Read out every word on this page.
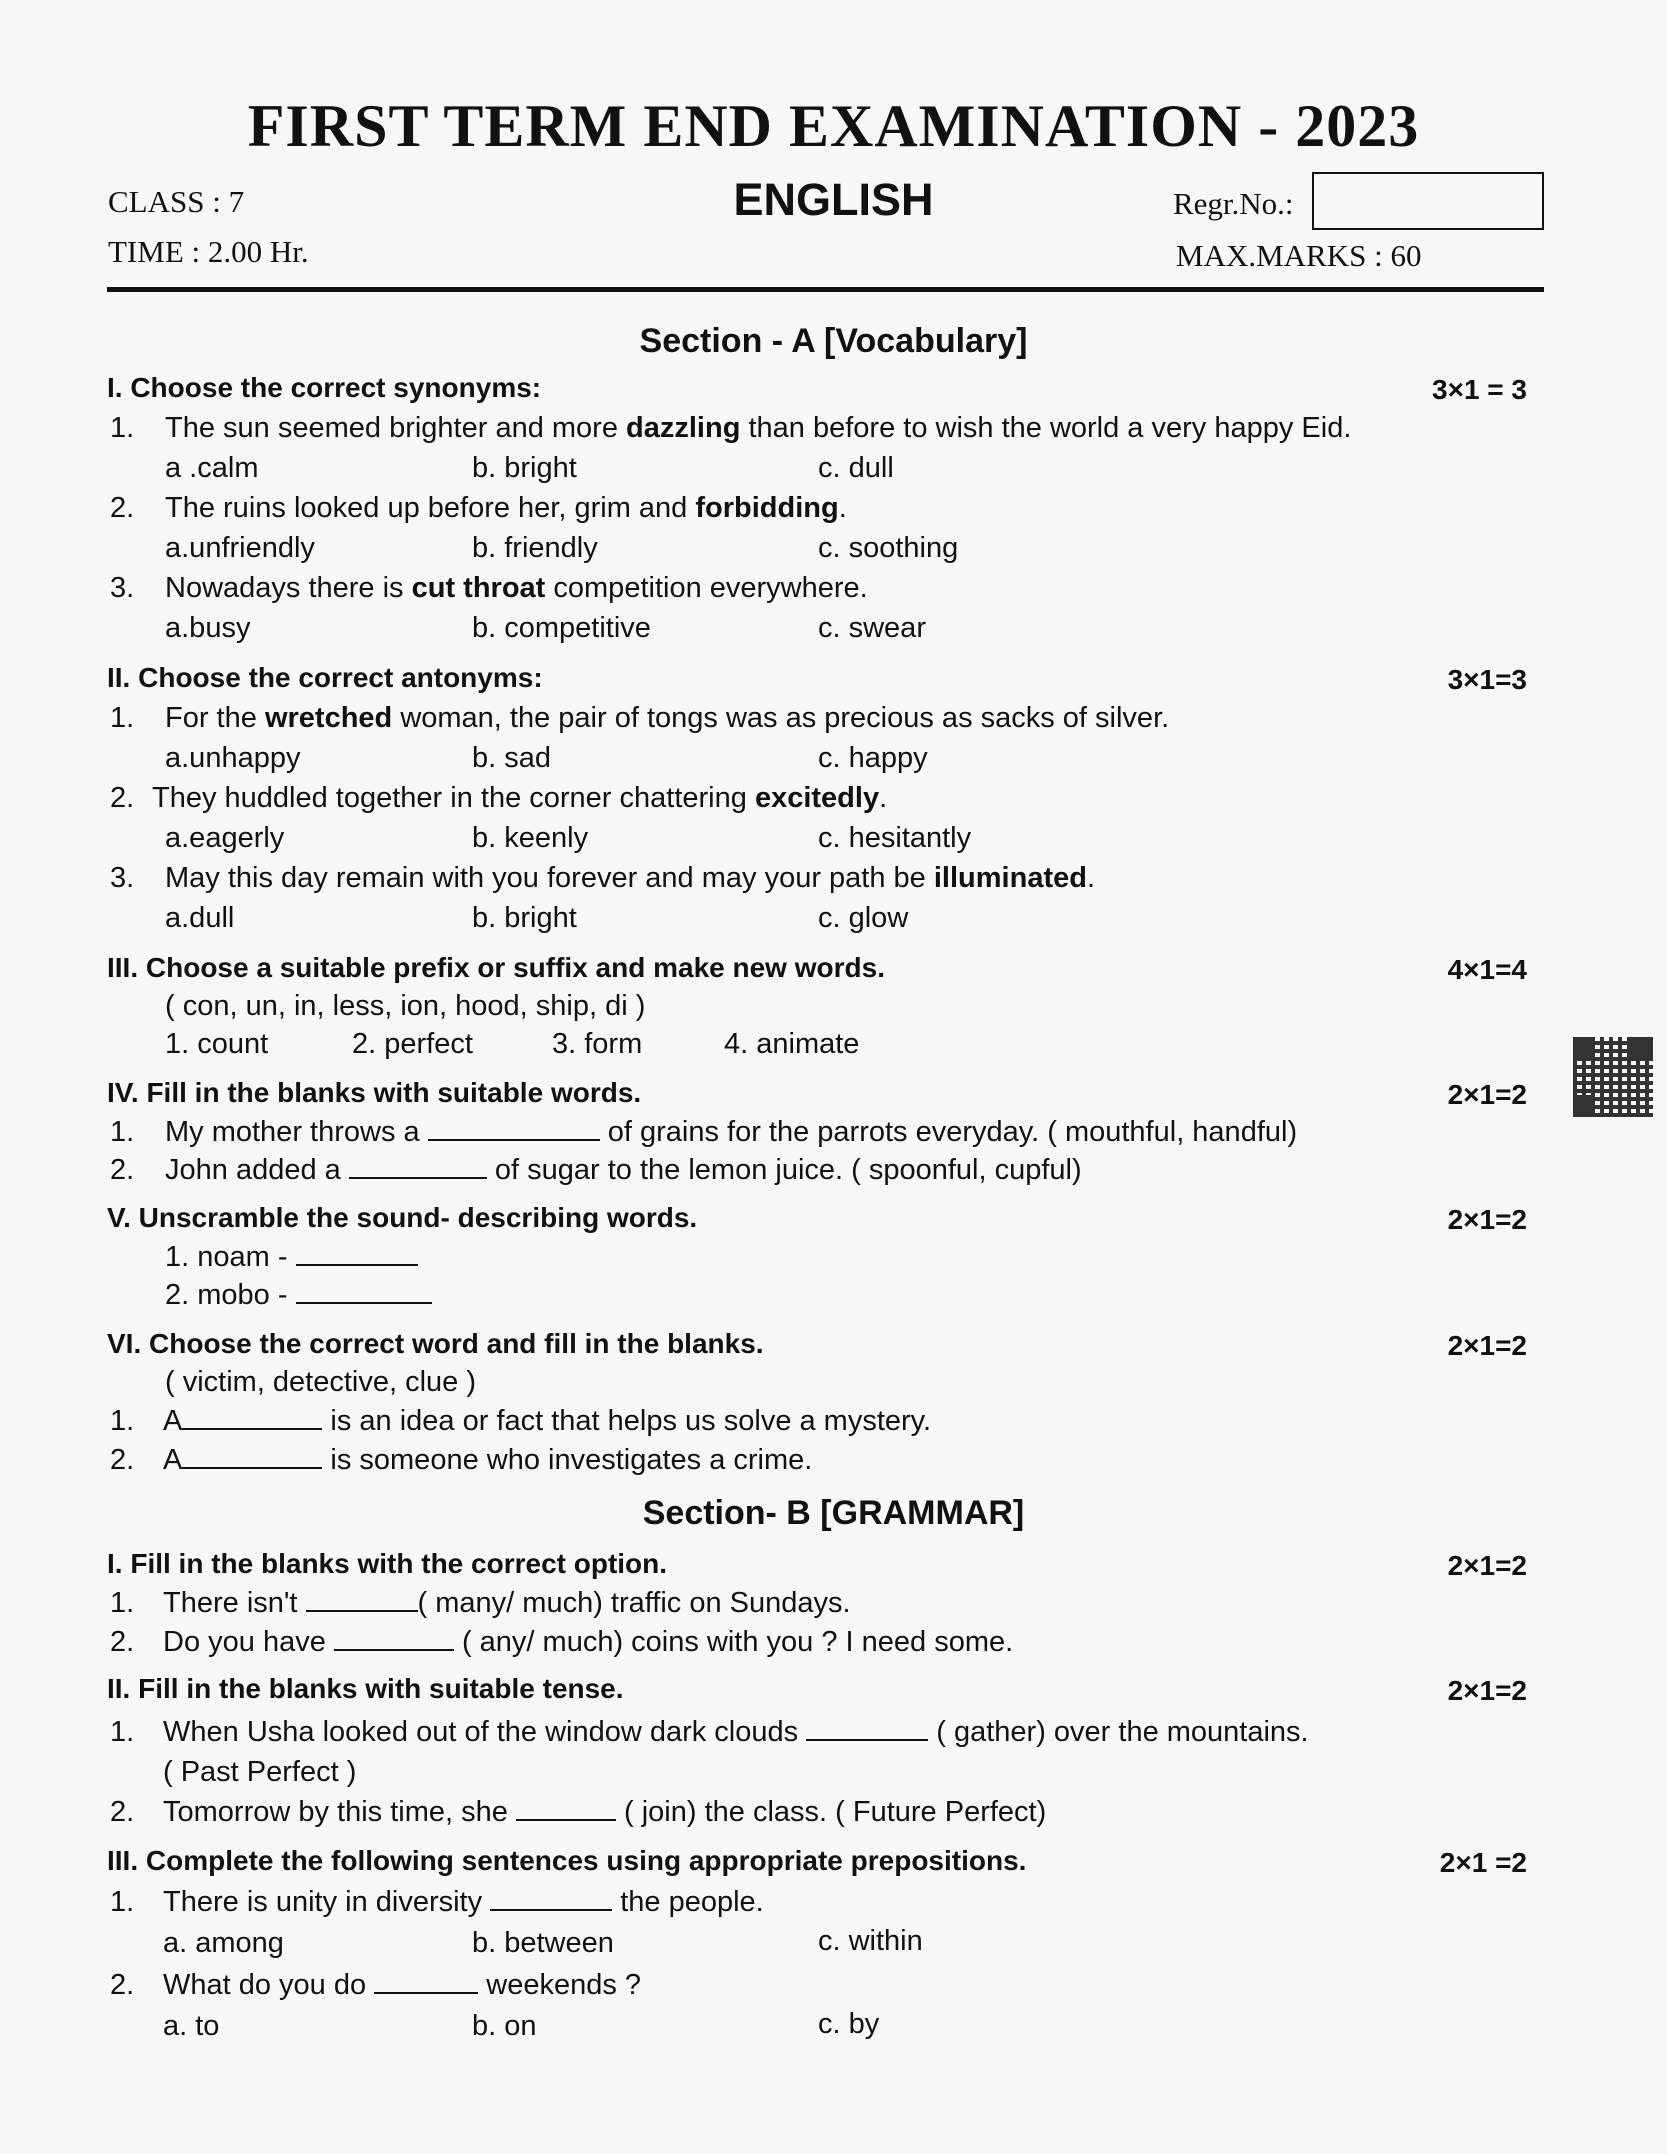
FIRST TERM END EXAMINATION - 2023
CLASS : 7	ENGLISH	Regr.No.:
TIME : 2.00 Hr.	MAX.MARKS : 60
Section - A [Vocabulary]
I. Choose the correct synonyms:	3×1 = 3
1. The sun seemed brighter and more dazzling than before to wish the world a very happy Eid.
a .calm	b. bright	c. dull
2. The ruins looked up before her, grim and forbidding.
a.unfriendly	b. friendly	c. soothing
3. Nowadays there is cut throat competition everywhere.
a.busy	b. competitive	c. swear
II. Choose the correct antonyms:	3×1=3
1. For the wretched woman, the pair of tongs was as precious as sacks of silver.
a.unhappy	b. sad	c. happy
2. They huddled together in the corner chattering excitedly.
a.eagerly	b. keenly	c. hesitantly
3. May this day remain with you forever and may your path be illuminated.
a.dull	b. bright	c. glow
III. Choose a suitable prefix or suffix and make new words.	4×1=4
( con, un, in, less, ion, hood, ship, di )
1. count	2. perfect	3. form	4. animate
IV. Fill in the blanks with suitable words.	2×1=2
1. My mother throws a	of grains for the parrots everyday. ( mouthful, handful)
2. John added a	of sugar to the lemon juice. ( spoonful, cupful)
V. Unscramble the sound- describing words.	2×1=2
1. noam -
2. mobo -
VI. Choose the correct word and fill in the blanks.	2×1=2
( victim, detective, clue )
1. A	is an idea or fact that helps us solve a mystery.
2. A	is someone who investigates a crime.
Section- B [GRAMMAR]
I. Fill in the blanks with the correct option.	2×1=2
1. There isn't	( many/ much) traffic on Sundays.
2. Do you have	( any/ much) coins with you ? I need some.
II. Fill in the blanks with suitable tense.	2×1=2
1. When Usha looked out of the window dark clouds	( gather) over the mountains.
( Past Perfect )
2. Tomorrow by this time, she	( join) the class. ( Future Perfect)
III. Complete the following sentences using appropriate prepositions.	2×1 =2
1. There is unity in diversity	the people.
a. among	b. between	c. within
2. What do you do	weekends ?
a. to	b. on	c. by
